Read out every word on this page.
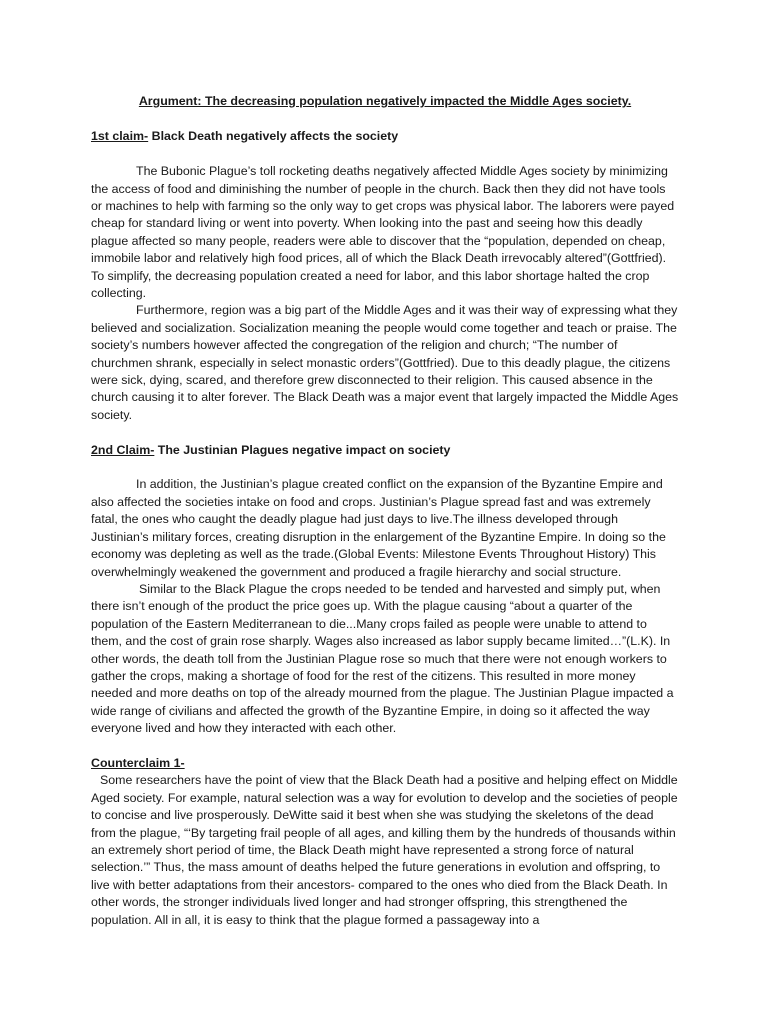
Argument: The decreasing population negatively impacted the Middle Ages society.

1st claim- Black Death negatively affects the society

The Bubonic Plague’s toll rocketing deaths negatively affected Middle Ages society by minimizing the access of food and diminishing the number of people in the church. Back then they did not have tools or machines to help with farming so the only way to get crops was physical labor. The laborers were payed cheap for standard living or went into poverty. When looking into the past and seeing how this deadly plague affected so many people, readers were able to discover that the “population, depended on cheap, immobile labor and relatively high food prices, all of which the Black Death irrevocably altered”(Gottfried). To simplify, the decreasing population created a need for labor, and this labor shortage halted the crop collecting.

Furthermore, region was a big part of the Middle Ages and it was their way of expressing what they believed and socialization. Socialization meaning the people would come together and teach or praise. The society’s numbers however affected the congregation of the religion and church; “The number of churchmen shrank, especially in select monastic orders”(Gottfried). Due to this deadly plague, the citizens were sick, dying, scared, and therefore grew disconnected to their religion. This caused absence in the church causing it to alter forever. The Black Death was a major event that largely impacted the Middle Ages society.

2nd Claim- The Justinian Plagues negative impact on society

In addition, the Justinian’s plague created conflict on the expansion of the Byzantine Empire and also affected the societies intake on food and crops. Justinian’s Plague spread fast and was extremely fatal, the ones who caught the deadly plague had just days to live.The illness developed through Justinian’s military forces, creating disruption in the enlargement of the Byzantine Empire. In doing so the economy was depleting as well as the trade.(Global Events: Milestone Events Throughout History) This overwhelmingly weakened the government and produced a fragile hierarchy and social structure.

Similar to the Black Plague the crops needed to be tended and harvested and simply put, when there isn’t enough of the product the price goes up. With the plague causing “about a quarter of the population of the Eastern Mediterranean to die...Many crops failed as people were unable to attend to them, and the cost of grain rose sharply. Wages also increased as labor supply became limited…”(L.K). In other words, the death toll from the Justinian Plague rose so much that there were not enough workers to gather the crops, making a shortage of food for the rest of the citizens. This resulted in more money needed and more deaths on top of the already mourned from the plague. The Justinian Plague impacted a wide range of civilians and affected the growth of the Byzantine Empire, in doing so it affected the way everyone lived and how they interacted with each other.

Counterclaim 1-

Some researchers have the point of view that the Black Death had a positive and helping effect on Middle Aged society. For example, natural selection was a way for evolution to develop and the societies of people to concise and live prosperously. DeWitte said it best when she was studying the skeletons of the dead from the plague, “‘By targeting frail people of all ages, and killing them by the hundreds of thousands within an extremely short period of time, the Black Death might have represented a strong force of natural selection.’” Thus, the mass amount of deaths helped the future generations in evolution and offspring, to live with better adaptations from their ancestors- compared to the ones who died from the Black Death. In other words, the stronger individuals lived longer and had stronger offspring, this strengthened the population. All in all, it is easy to think that the plague formed a passageway into a
